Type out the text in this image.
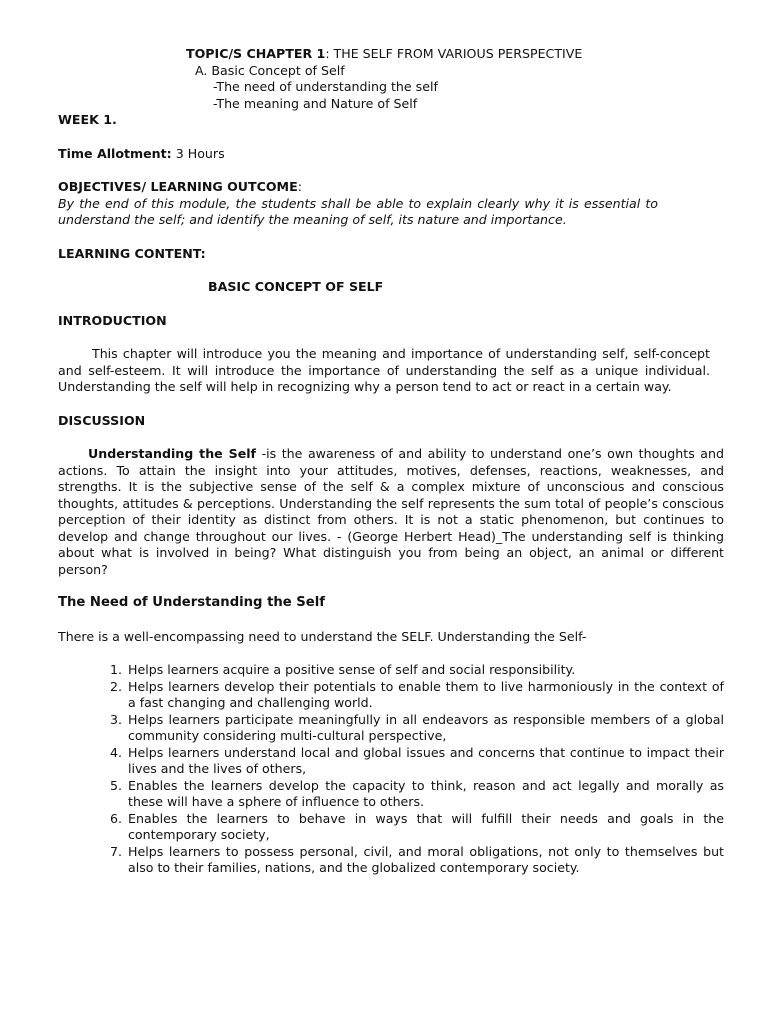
TOPIC/S CHAPTER 1: THE SELF FROM VARIOUS PERSPECTIVE
A. Basic Concept of Self
-The need of understanding the self
-The meaning and Nature of Self
WEEK 1.
Time Allotment: 3 Hours
OBJECTIVES/ LEARNING OUTCOME:
By the end of this module, the students shall be able to explain clearly why it is essential to understand the self; and identify the meaning of self, its nature and importance.
LEARNING CONTENT:
BASIC CONCEPT OF SELF
INTRODUCTION
This chapter will introduce you the meaning and importance of understanding self, self-concept and self-esteem. It will introduce the importance of understanding the self as a unique individual. Understanding the self will help in recognizing why a person tend to act or react in a certain way.
DISCUSSION
Understanding the Self -is the awareness of and ability to understand one’s own thoughts and actions. To attain the insight into your attitudes, motives, defenses, reactions, weaknesses, and strengths. It is the subjective sense of the self & a complex mixture of unconscious and conscious thoughts, attitudes & perceptions. Understanding the self represents the sum total of people’s conscious perception of their identity as distinct from others. It is not a static phenomenon, but continues to develop and change throughout our lives. - (George Herbert Head)_The understanding self is thinking about what is involved in being? What distinguish you from being an object, an animal or different person?
The Need of Understanding the Self
There is a well-encompassing need to understand the SELF. Understanding the Self-
1. Helps learners acquire a positive sense of self and social responsibility.
2. Helps learners develop their potentials to enable them to live harmoniously in the context of a fast changing and challenging world.
3. Helps learners participate meaningfully in all endeavors as responsible members of a global community considering multi-cultural perspective,
4. Helps learners understand local and global issues and concerns that continue to impact their lives and the lives of others,
5. Enables the learners develop the capacity to think, reason and act legally and morally as these will have a sphere of influence to others.
6. Enables the learners to behave in ways that will fulfill their needs and goals in the contemporary society,
7. Helps learners to possess personal, civil, and moral obligations, not only to themselves but also to their families, nations, and the globalized contemporary society.
